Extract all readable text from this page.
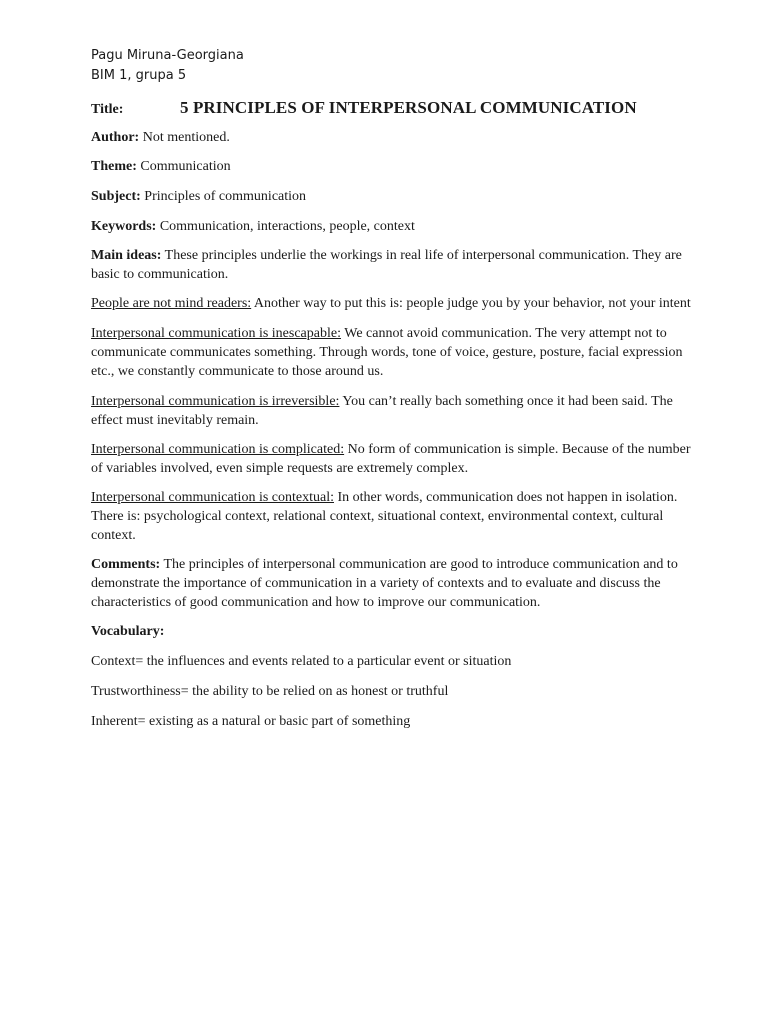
Pagu Miruna-Georgiana
BIM 1, grupa 5
Title:	5 PRINCIPLES OF INTERPERSONAL COMMUNICATION

Author: Not mentioned.

Theme: Communication

Subject: Principles of communication

Keywords: Communication, interactions, people, context

Main ideas: These principles underlie the workings in real life of interpersonal communication. They are basic to communication.

People are not mind readers: Another way to put this is: people judge you by your behavior, not your intent

Interpersonal communication is inescapable: We cannot avoid communication. The very attempt not to communicate communicates something. Through words, tone of voice, gesture, posture, facial expression etc., we constantly communicate to those around us.

Interpersonal communication is irreversible: You can’t really bach something once it had been said. The effect must inevitably remain.

Interpersonal communication is complicated: No form of communication is simple. Because of the number of variables involved, even simple requests are extremely complex.

Interpersonal communication is contextual: In other words, communication does not happen in isolation. There is: psychological context, relational context, situational context, environmental context, cultural context.

Comments: The principles of interpersonal communication are good to introduce communication and to demonstrate the importance of communication in a variety of contexts and to evaluate and discuss the characteristics of good communication and how to improve our communication.

Vocabulary:

Context= the influences and events related to a particular event or situation

Trustworthiness= the ability to be relied on as honest or truthful

Inherent= existing as a natural or basic part of something
